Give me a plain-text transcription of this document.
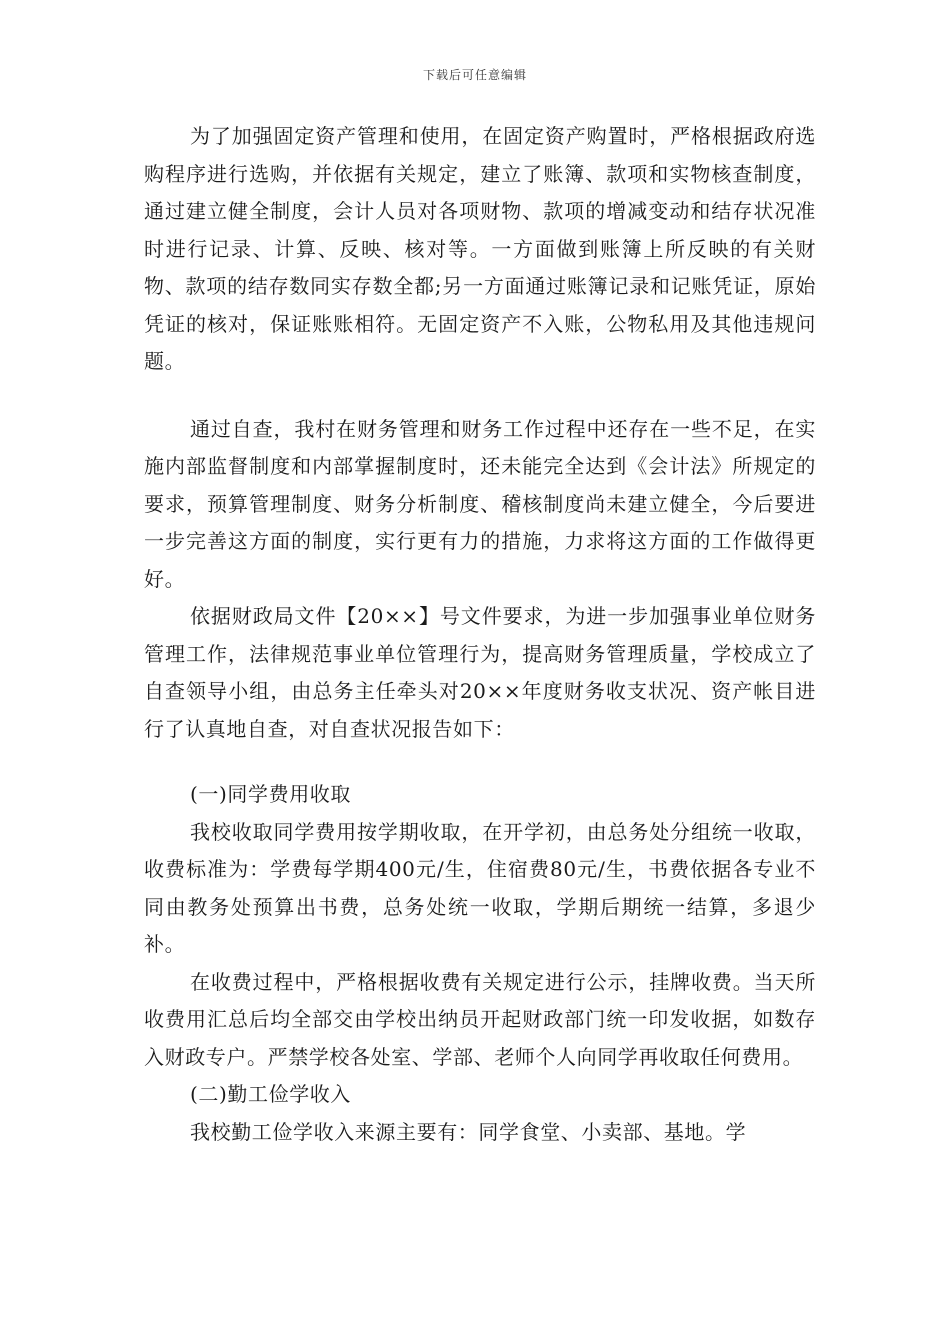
下载后可任意编辑

为了加强固定资产管理和使用，在固定资产购置时，严格根据政府选购程序进行选购，并依据有关规定，建立了账簿、款项和实物核查制度，通过建立健全制度，会计人员对各项财物、款项的增减变动和结存状况准时进行记录、计算、反映、核对等。一方面做到账簿上所反映的有关财物、款项的结存数同实存数全都;另一方面通过账簿记录和记账凭证，原始凭证的核对，保证账账相符。无固定资产不入账，公物私用及其他违规问题。

通过自查，我村在财务管理和财务工作过程中还存在一些不足，在实施内部监督制度和内部掌握制度时，还未能完全达到《会计法》所规定的要求，预算管理制度、财务分析制度、稽核制度尚未建立健全，今后要进一步完善这方面的制度，实行更有力的措施，力求将这方面的工作做得更好。

依据财政局文件【20××】号文件要求，为进一步加强事业单位财务管理工作，法律规范事业单位管理行为，提高财务管理质量，学校成立了自查领导小组，由总务主任牵头对20××年度财务收支状况、资产帐目进行了认真地自查，对自查状况报告如下：

(一)同学费用收取

我校收取同学费用按学期收取，在开学初，由总务处分组统一收取，收费标准为：学费每学期400元/生，住宿费80元/生，书费依据各专业不同由教务处预算出书费，总务处统一收取，学期后期统一结算，多退少补。

在收费过程中，严格根据收费有关规定进行公示，挂牌收费。当天所收费用汇总后均全部交由学校出纳员开起财政部门统一印发收据，如数存入财政专户。严禁学校各处室、学部、老师个人向同学再收取任何费用。

(二)勤工俭学收入

我校勤工俭学收入来源主要有：同学食堂、小卖部、基地。学
